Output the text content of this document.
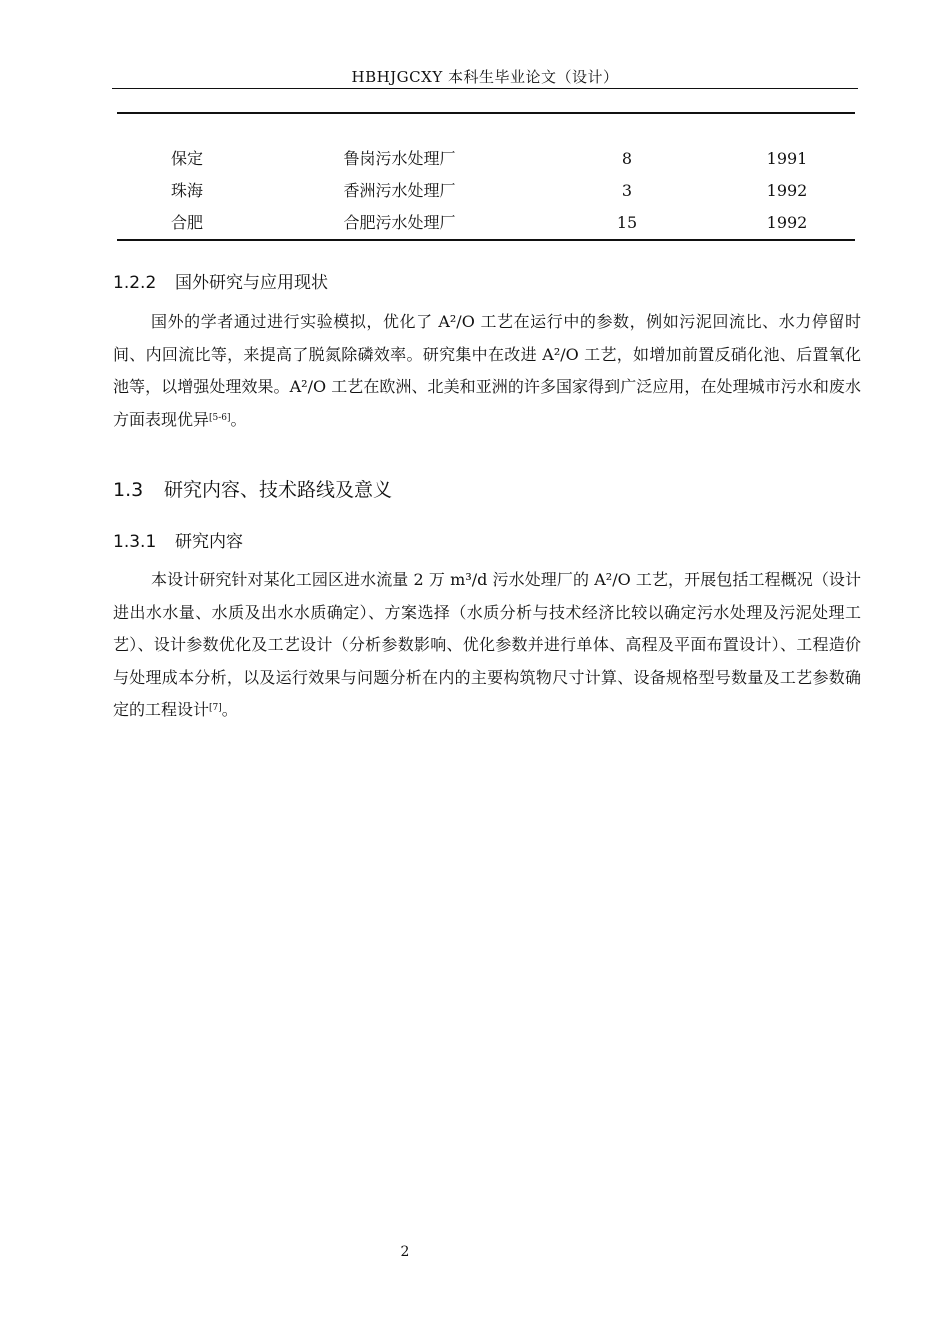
HBHJGCXY 本科生毕业论文（设计）
保定	鲁岗污水处理厂	8	1991
珠海	香洲污水处理厂	3	1992
合肥	合肥污水处理厂	15	1992
1.2.2 国外研究与应用现状

国外的学者通过进行实验模拟，优化了 A²/O 工艺在运行中的参数，例如污泥回流比、水力停留时间、内回流比等，来提高了脱氮除磷效率。研究集中在改进 A²/O 工艺，如增加前置反硝化池、后置氧化池等，以增强处理效果。A²/O 工艺在欧洲、北美和亚洲的许多国家得到广泛应用，在处理城市污水和废水方面表现优异[5-6]。

1.3 研究内容、技术路线及意义
1.3.1 研究内容

本设计研究针对某化工园区进水流量 2 万 m³/d 污水处理厂的 A²/O 工艺，开展包括工程概况（设计进出水水量、水质及出水水质确定）、方案选择（水质分析与技术经济比较以确定污水处理及污泥处理工艺）、设计参数优化及工艺设计（分析参数影响、优化参数并进行单体、高程及平面布置设计）、工程造价与处理成本分析，以及运行效果与问题分析在内的主要构筑物尺寸计算、设备规格型号数量及工艺参数确定的工程设计[7]。

2
